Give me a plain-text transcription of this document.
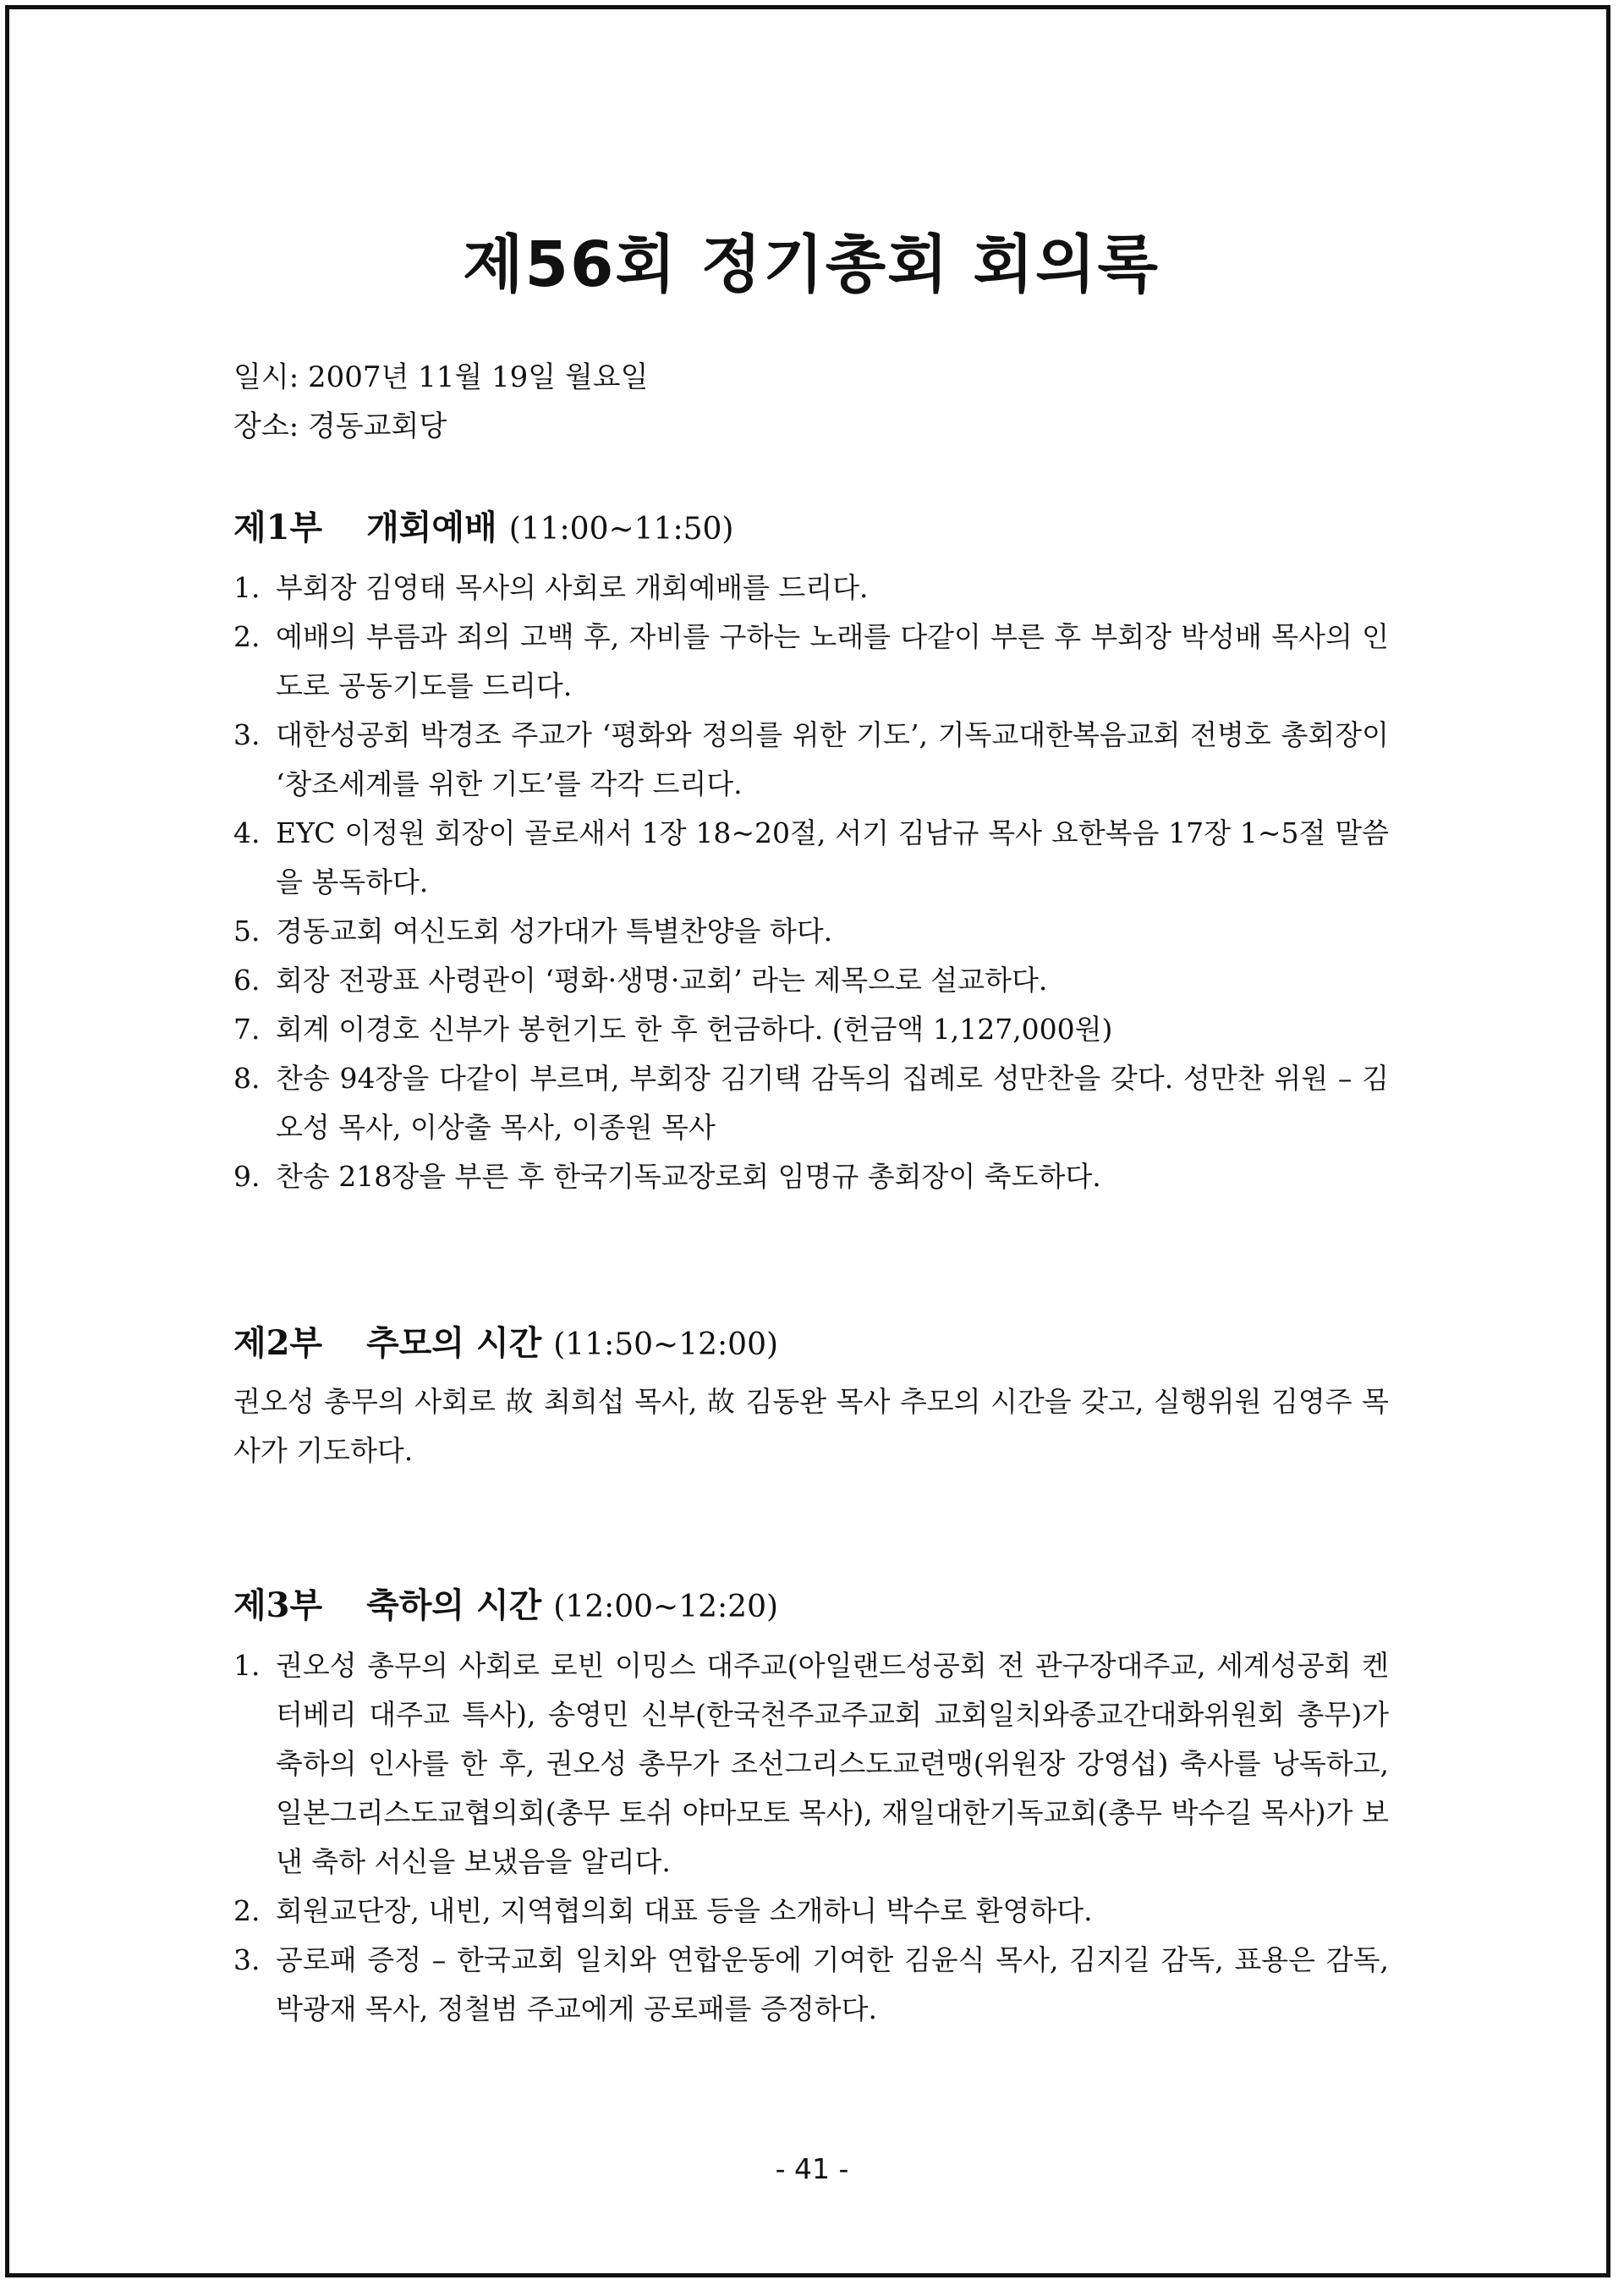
제56회 정기총회 회의록

일시: 2007년 11월 19일 월요일

장소: 경동교회당

제1부 개회예배 (11:00~11:50)
1. 부회장 김영태 목사의 사회로 개회예배를 드리다.
2. 예배의 부름과 죄의 고백 후, 자비를 구하는 노래를 다같이 부른 후 부회장 박성배 목사의 인도로 공동기도를 드리다.
3. 대한성공회 박경조 주교가 ‘평화와 정의를 위한 기도’, 기독교대한복음교회 전병호 총회장이 ‘창조세계를 위한 기도’를 각각 드리다.
4. EYC 이정원 회장이 골로새서 1장 18~20절, 서기 김남규 목사 요한복음 17장 1~5절 말씀을 봉독하다.
5. 경동교회 여신도회 성가대가 특별찬양을 하다.
6. 회장 전광표 사령관이 ‘평화·생명·교회’ 라는 제목으로 설교하다.
7. 회계 이경호 신부가 봉헌기도 한 후 헌금하다. (헌금액 1,127,000원)
8. 찬송 94장을 다같이 부르며, 부회장 김기택 감독의 집례로 성만찬을 갖다. 성만찬 위원 – 김오성 목사, 이상출 목사, 이종원 목사
9. 찬송 218장을 부른 후 한국기독교장로회 임명규 총회장이 축도하다.
제2부 추모의 시간 (11:50~12:00)

권오성 총무의 사회로 故 최희섭 목사, 故 김동완 목사 추모의 시간을 갖고, 실행위원 김영주 목사가 기도하다.

제3부 축하의 시간 (12:00~12:20)
1. 권오성 총무의 사회로 로빈 이밍스 대주교(아일랜드성공회 전 관구장대주교, 세계성공회 켄터베리 대주교 특사), 송영민 신부(한국천주교주교회 교회일치와종교간대화위원회 총무)가 축하의 인사를 한 후, 권오성 총무가 조선그리스도교련맹(위원장 강영섭) 축사를 낭독하고, 일본그리스도교협의회(총무 토쉬 야마모토 목사), 재일대한기독교회(총무 박수길 목사)가 보낸 축하 서신을 보냈음을 알리다.
2. 회원교단장, 내빈, 지역협의회 대표 등을 소개하니 박수로 환영하다.
3. 공로패 증정 – 한국교회 일치와 연합운동에 기여한 김윤식 목사, 김지길 감독, 표용은 감독, 박광재 목사, 정철범 주교에게 공로패를 증정하다.

- 41 -
